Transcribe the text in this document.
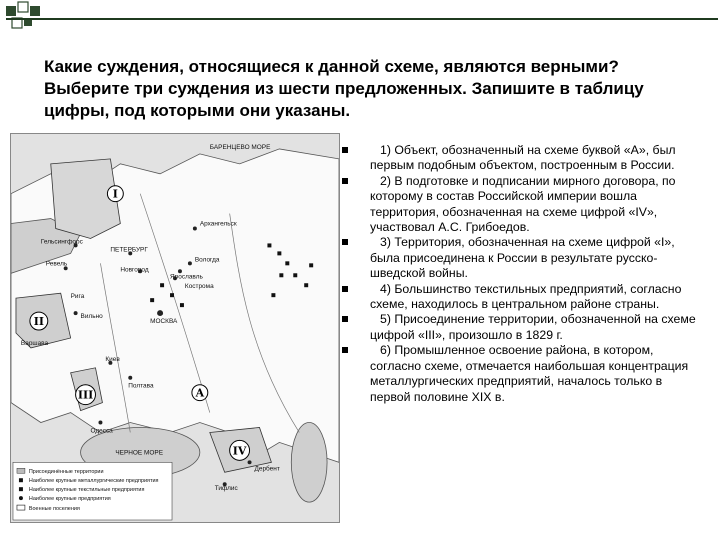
Какие суждения, относящиеся к данной схеме, являются верными? Выберите три суждения из шести предложенных. Запишите в таблицу цифры, под которыми они указаны.
I
II
III
IV
A
БАРЕНЦЕВО МОРЕ
Архангельск
Гельсингфорс
ПЕТЕРБУРГ
Ревель
Рига
Вологда
Новгород
Кострома
Ярославль
МОСКВА
Вильно
Варшава
Киев
Полтава
Одесса
ЧЕРНОЕ МОРЕ
Дербент
Тифлис
Присоединённые территории
Наиболее крупные металлургические предприятия
Наиболее крупные текстильные предприятия
Наиболее крупные предприятия
Военные поселения
1) Объект, обозначенный на схеме буквой «А», был первым подобным объектом, построенным в России.
2) В подготовке и подписании мирного договора, по которому в состав Российской империи вошла территория, обозначенная на схеме цифрой «IV», участвовал А.С. Грибоедов.
3) Территория, обозначенная на схеме цифрой «I», была присоединена к России в результате русско-шведской войны.
4) Большинство текстильных предприятий, согласно схеме, находилось в центральном районе страны.
5) Присоединение территории, обозначенной на схеме цифрой «III», произошло в 1829 г.
6) Промышленное освоение района, в котором, согласно схеме, отмечается наибольшая концентрация металлургических предприятий, началось только в первой половине XIX в.
